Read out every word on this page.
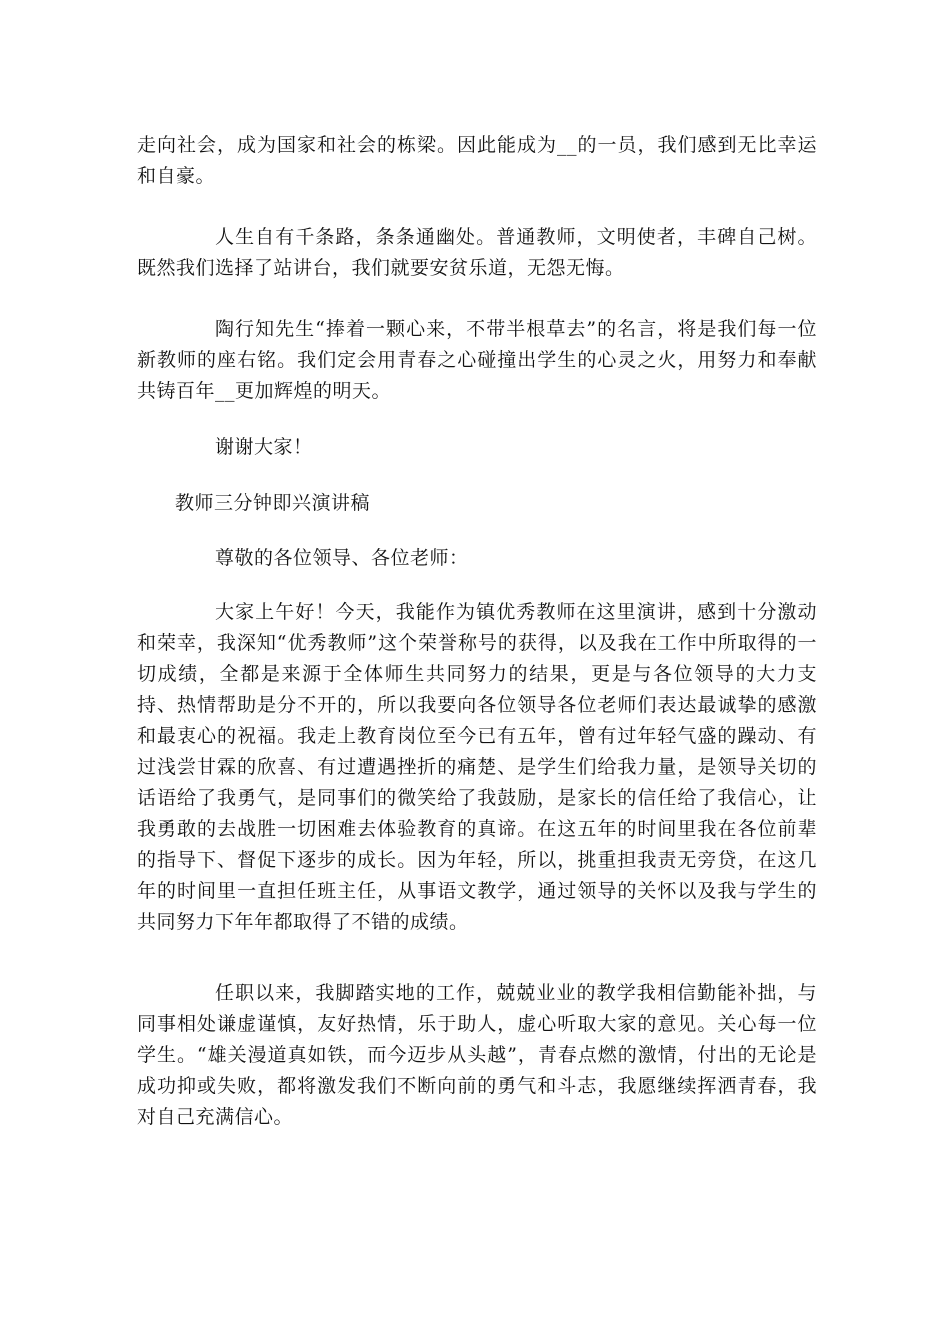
走向社会，成为国家和社会的栋梁。因此能成为__的一员，我们感到无比幸运和自豪。

人生自有千条路，条条通幽处。普通教师，文明使者，丰碑自己树。既然我们选择了站讲台，我们就要安贫乐道，无怨无悔。

陶行知先生“捧着一颗心来，不带半根草去”的名言，将是我们每一位新教师的座右铭。我们定会用青春之心碰撞出学生的心灵之火，用努力和奉献共铸百年__更加辉煌的明天。

谢谢大家！

教师三分钟即兴演讲稿

尊敬的各位领导、各位老师：

大家上午好！今天，我能作为镇优秀教师在这里演讲，感到十分激动和荣幸，我深知“优秀教师”这个荣誉称号的获得，以及我在工作中所取得的一切成绩，全都是来源于全体师生共同努力的结果，更是与各位领导的大力支持、热情帮助是分不开的，所以我要向各位领导各位老师们表达最诚挚的感激和最衷心的祝福。我走上教育岗位至今已有五年，曾有过年轻气盛的躁动、有过浅尝甘霖的欣喜、有过遭遇挫折的痛楚、是学生们给我力量，是领导关切的话语给了我勇气，是同事们的微笑给了我鼓励，是家长的信任给了我信心，让我勇敢的去战胜一切困难去体验教育的真谛。在这五年的时间里我在各位前辈的指导下、督促下逐步的成长。因为年轻，所以，挑重担我责无旁贷，在这几年的时间里一直担任班主任，从事语文教学，通过领导的关怀以及我与学生的共同努力下年年都取得了不错的成绩。

任职以来，我脚踏实地的工作，兢兢业业的教学我相信勤能补拙，与同事相处谦虚谨慎，友好热情，乐于助人，虚心听取大家的意见。关心每一位学生。“雄关漫道真如铁，而今迈步从头越”，青春点燃的激情，付出的无论是成功抑或失败，都将激发我们不断向前的勇气和斗志，我愿继续挥洒青春，我对自己充满信心。
